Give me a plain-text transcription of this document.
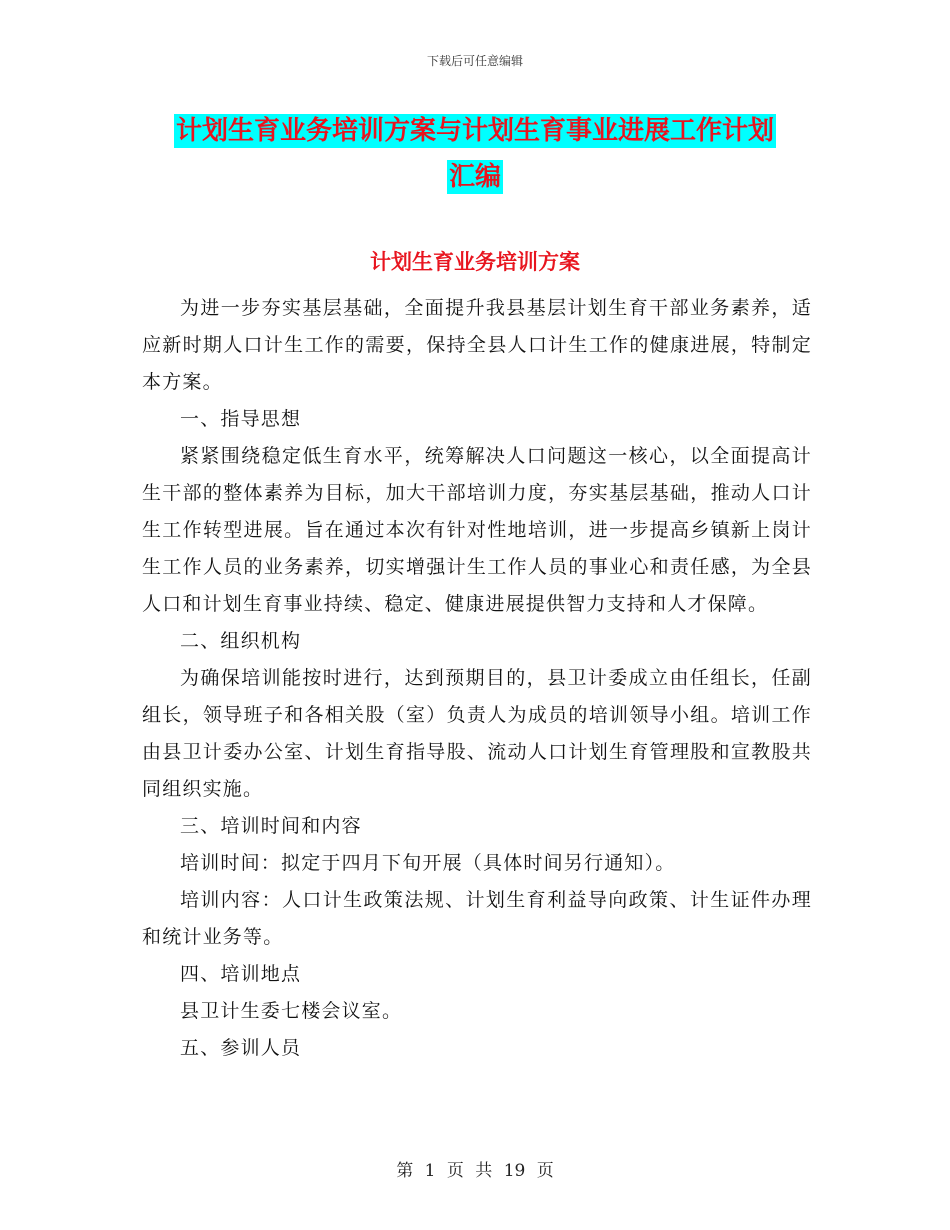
下载后可任意编辑
计划生育业务培训方案与计划生育事业进展工作计划
汇编
计划生育业务培训方案

为进一步夯实基层基础，全面提升我县基层计划生育干部业务素养，适应新时期人口计生工作的需要，保持全县人口计生工作的健康进展，特制定本方案。

一、指导思想

紧紧围绕稳定低生育水平，统筹解决人口问题这一核心，以全面提高计生干部的整体素养为目标，加大干部培训力度，夯实基层基础，推动人口计生工作转型进展。旨在通过本次有针对性地培训，进一步提高乡镇新上岗计生工作人员的业务素养，切实增强计生工作人员的事业心和责任感，为全县人口和计划生育事业持续、稳定、健康进展提供智力支持和人才保障。

二、组织机构

为确保培训能按时进行，达到预期目的，县卫计委成立由任组长，任副组长，领导班子和各相关股（室）负责人为成员的培训领导小组。培训工作由县卫计委办公室、计划生育指导股、流动人口计划生育管理股和宣教股共同组织实施。

三、培训时间和内容

培训时间：拟定于四月下旬开展（具体时间另行通知）。

培训内容：人口计生政策法规、计划生育利益导向政策、计生证件办理和统计业务等。

四、培训地点

县卫计生委七楼会议室。

五、参训人员

第 1 页 共 19 页
